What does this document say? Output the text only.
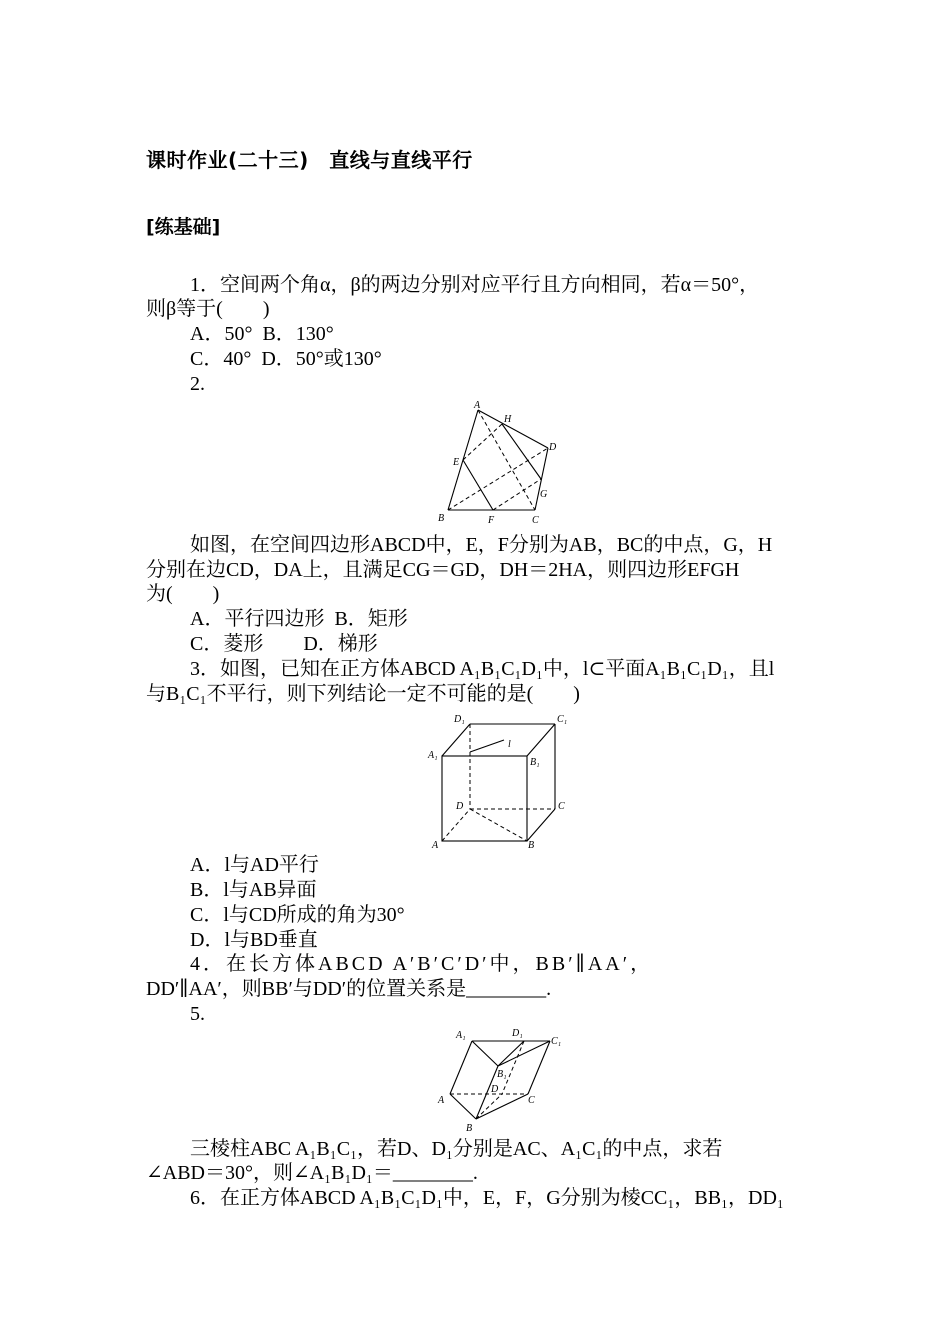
课时作业(二十三)　直线与直线平行
[练基础]
1．空间两个角α，β的两边分别对应平行且方向相同，若α＝50°，
则β等于(　　)
A．50°  B．130°
C．40°  D．50°或130°
2.
A
H
D
E
G
B	F	C
如图，在空间四边形ABCD中，E，F分别为AB，BC的中点，G，H
分别在边CD，DA上，且满足CG＝GD，DH＝2HA，则四边形EFGH
为(　　)
A．平行四边形  B．矩形
C．菱形　　D．梯形
3．如图，已知在正方体ABCD A₁B₁C₁D₁中，l⊂平面A₁B₁C₁D₁，且l
与B₁C₁不平行，则下列结论一定不可能的是(　　)
D₁	C₁
A₁
B₁
l
D	C
A	B
A．l与AD平行
B．l与AB异面
C．l与CD所成的角为30°
D．l与BD垂直
4．在长方体ABCD A′B′C′D′中，BB′∥AA′，
DD′∥AA′，则BB′与DD′的位置关系是________.
5.
A₁	D₁
C₁
B₁
D
A	C
B
三棱柱ABC A₁B₁C₁，若D、D₁分别是AC、A₁C₁的中点，求若
∠ABD＝30°，则∠A₁B₁D₁＝________.
6．在正方体ABCD A₁B₁C₁D₁中，E，F，G分别为棱CC₁，BB₁，DD₁
